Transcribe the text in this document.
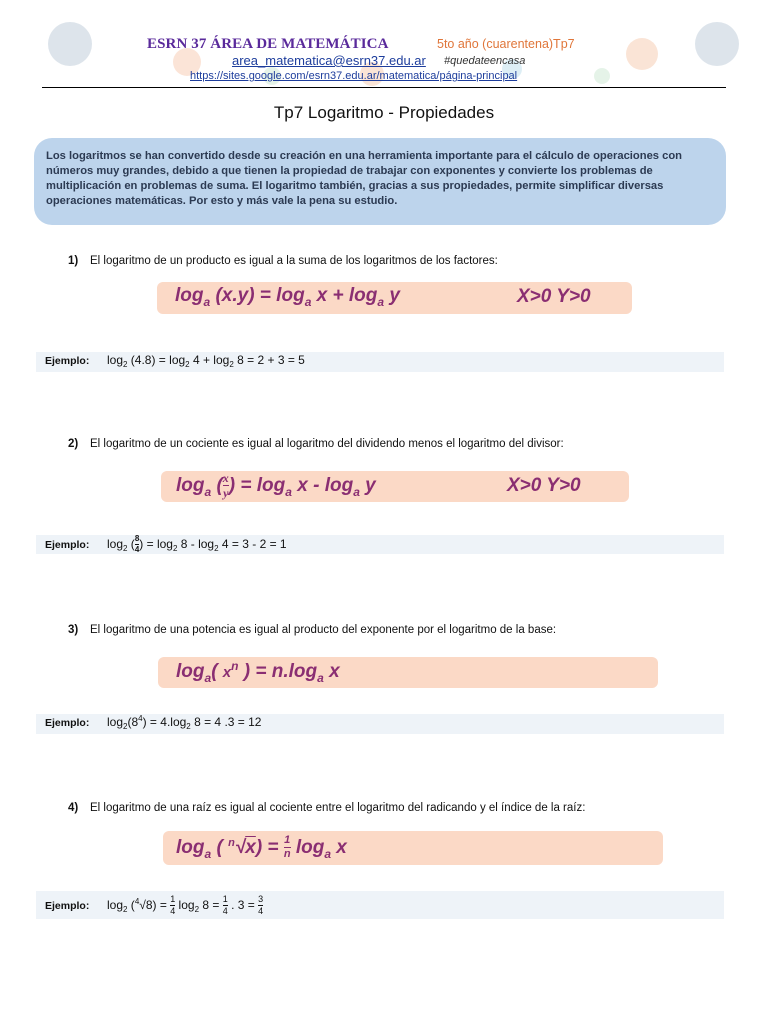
ESRN 37 ÁREA DE MATEMÁTICA	5to año (cuarentena)Tp7
area_matematica@esrn37.edu.ar #quedateencasa
https://sites.google.com/esrn37.edu.ar/matematica/página-principal
Tp7 Logaritmo - Propiedades
Los logaritmos se han convertido desde su creación en una herramienta importante para el cálculo de operaciones con números muy grandes, debido a que tienen la propiedad de trabajar con exponentes y convierte los problemas de multiplicación en problemas de suma. El logaritmo también, gracias a sus propiedades, permite simplificar diversas operaciones matemáticas. Por esto y más vale la pena su estudio.
1) El logaritmo de un producto es igual a la suma de los logaritmos de los factores:
$\log_a (x.y) = \log_a x + \log_a y$	X>0 Y>0
Ejemplo: $\log_2 (4.8) = \log_2 4 + \log_2 8 = 2 + 3 = 5$
2) El logaritmo de un cociente es igual al logaritmo del dividendo menos el logaritmo del divisor:
$\log_a$ ( $\frac{x}{y}$ ) = $\log_a x - \log_a y$	X>0 Y>0
Ejemplo: $\log_2$ ( $\frac{8}{4}$ ) = $\log_2 8 - \log_2 4 = 3 - 2 = 1$
3) El logaritmo de una potencia es igual al producto del exponente por el logaritmo de la base:
$\log_a$( $x^n$ ) = $n.\log_a$ x
Ejemplo: $\log_2(8^4) = 4.\log_2$ 8 = 4 .3 = 12
4) El logaritmo de una raíz es igual al cociente entre el logaritmo del radicando y el índice de la raíz:
$\log_a$ ( $^n√x) = \frac{1}{n} \log_a x$
Ejemplo: $\log_2 (^4√8) = \frac{1}{4} \log_2 8 = \frac{1}{4}$ . $3 = \frac{3}{4}$
